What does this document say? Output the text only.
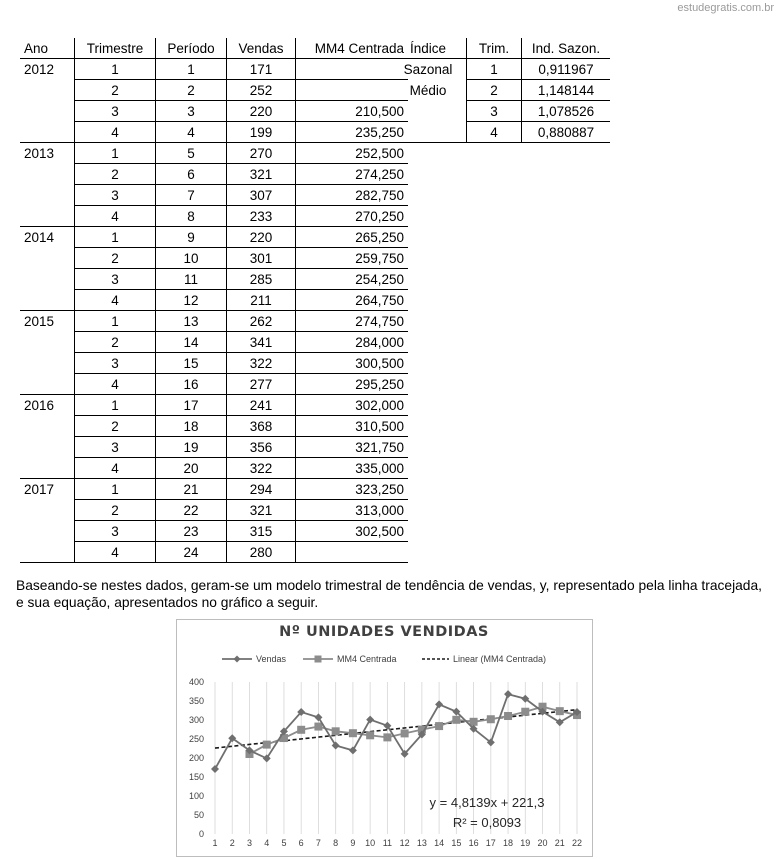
estudegratis.com.br
Ano	Trimestre	Período	Vendas	MM4 Centrada
2012	1	1	171	
	2	2	252	
	3	3	220	210,500
	4	4	199	235,250
2013	1	5	270	252,500
	2	6	321	274,250
	3	7	307	282,750
	4	8	233	270,250
2014	1	9	220	265,250
	2	10	301	259,750
	3	11	285	254,250
	4	12	211	264,750
2015	1	13	262	274,750
	2	14	341	284,000
	3	15	322	300,500
	4	16	277	295,250
2016	1	17	241	302,000
	2	18	368	310,500
	3	19	356	321,750
	4	20	322	335,000
2017	1	21	294	323,250
	2	22	321	313,000
	3	23	315	302,500
	4	24	280	
Índice	Trim.	Ind. Sazon.
Sazonal	1	0,911967
Médio	2	1,148144
	3	1,078526
	4	0,880887
Baseando-se nestes dados, geram-se um modelo trimestral de tendência de vendas, y, representado pela linha tracejada, e sua equação, apresentados no gráfico a seguir.
Nº UNIDADES VENDIDAS
Vendas	MM4 Centrada	Linear (MM4 Centrada)
1 2 3 4 5 6 7 8 9 10 11 12 13 14 15 16 17 18 19 20 21 22
0
50
100
150
200
250
300
350
400
y = 4,8139x + 221,3
R² = 0,8093
